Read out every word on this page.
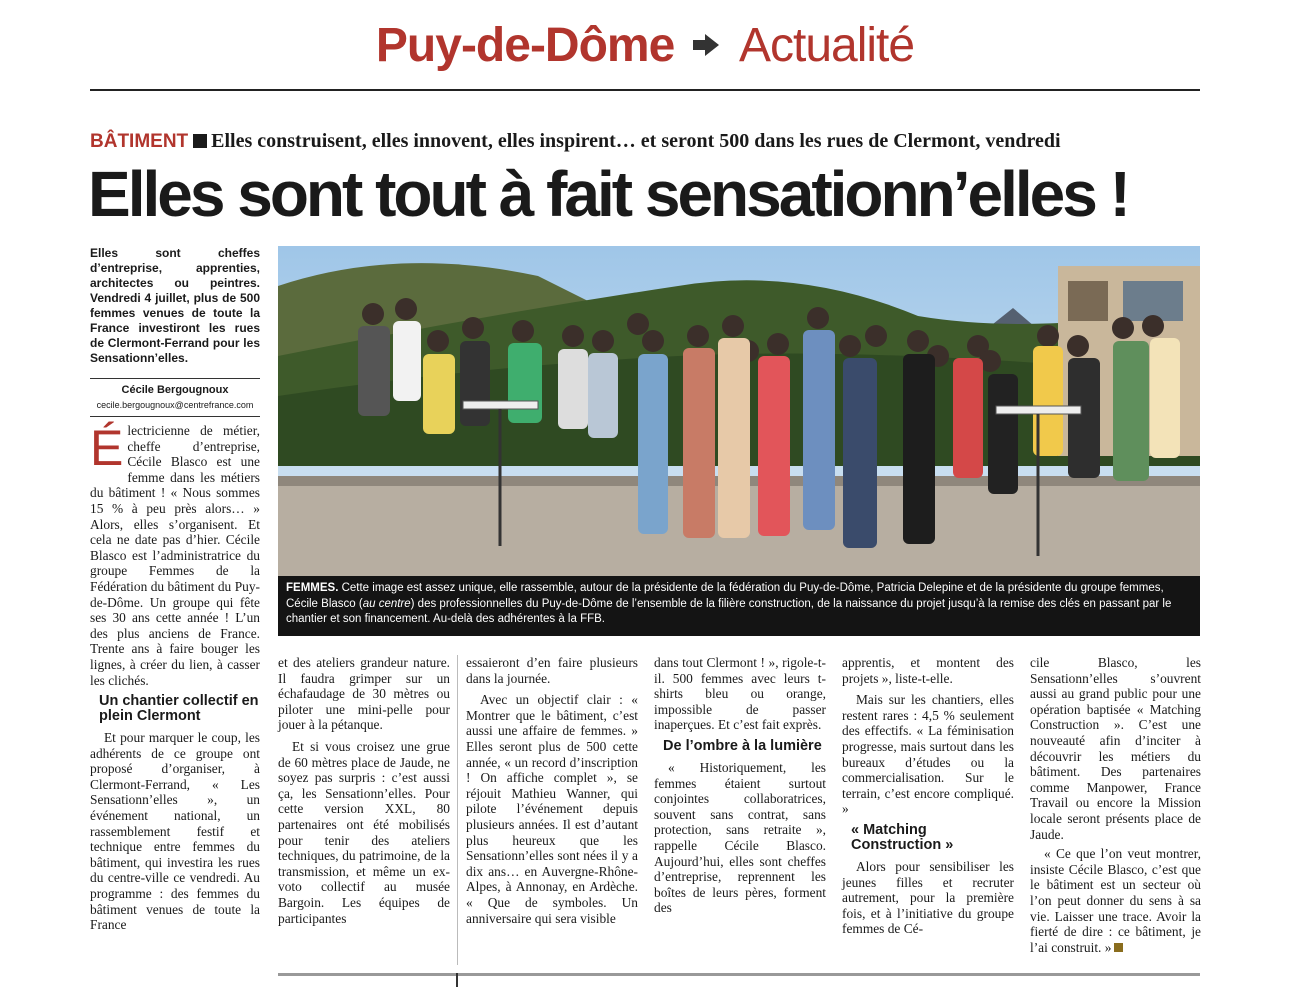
Puy-de-Dôme Actualité
BÂTIMENT Elles construisent, elles innovent, elles inspirent… et seront 500 dans les rues de Clermont, vendredi
Elles sont tout à fait sensationn’elles !
Elles sont cheffes d’entreprise, apprenties, architectes ou peintres. Vendredi 4 juillet, plus de 500 femmes venues de toute la France investiront les rues de Clermont-Ferrand pour les Sensationn’elles.
Cécile Bergougnoux
cecile.bergougnoux@centrefrance.com

Électricienne de métier, cheffe d’entreprise, Cécile Blasco est une femme dans les métiers du bâtiment ! « Nous sommes 15 % à peu près alors… » Alors, elles s’organisent. Et cela ne date pas d’hier. Cécile Blasco est l’administratrice du groupe Femmes de la Fédération du bâtiment du Puy-de-Dôme. Un groupe qui fête ses 30 ans cette année ! L’un des plus anciens de France. Trente ans à faire bouger les lignes, à créer du lien, à casser les clichés.

Un chantier collectif en plein Clermont

Et pour marquer le coup, les adhérents de ce groupe ont proposé d’organiser, à Clermont-Ferrand, « Les Sensationn’elles », un événement national, un rassemblement festif et technique entre femmes du bâtiment, qui investira les rues du centre-ville ce vendredi. Au programme : des femmes du bâtiment venues de toute la France

FEMMES. Cette image est assez unique, elle rassemble, autour de la présidente de la fédération du Puy-de-Dôme, Patricia Delepine et de la présidente du groupe femmes, Cécile Blasco (au centre) des professionnelles du Puy-de-Dôme de l’ensemble de la filière construction, de la naissance du projet jusqu’à la remise des clés en passant par le chantier et son financement. Au-delà des adhérentes à la FFB.

et des ateliers grandeur nature. Il faudra grimper sur un échafaudage de 30 mètres ou piloter une mini-pelle pour jouer à la pétanque.

Et si vous croisez une grue de 60 mètres place de Jaude, ne soyez pas surpris : c’est aussi ça, les Sensationn’elles. Pour cette version XXL, 80 partenaires ont été mobilisés pour tenir des ateliers techniques, du patrimoine, de la transmission, et même un ex-voto collectif au musée Bargoin. Les équipes de participantes

essaieront d’en faire plusieurs dans la journée.

Avec un objectif clair : « Montrer que le bâtiment, c’est aussi une affaire de femmes. » Elles seront plus de 500 cette année, « un record d’inscription ! On affiche complet », se réjouit Mathieu Wanner, qui pilote l’événement depuis plusieurs années. Il est d’autant plus heureux que les Sensationn’elles sont nées il y a dix ans… en Auvergne-Rhône-Alpes, à Annonay, en Ardèche. « Que de symboles. Un anniversaire qui sera visible

dans tout Clermont ! », rigole-t-il. 500 femmes avec leurs t-shirts bleu ou orange, impossible de passer inaperçues. Et c’est fait exprès.

De l’ombre à la lumière

« Historiquement, les femmes étaient surtout conjointes collaboratrices, souvent sans contrat, sans protection, sans retraite », rappelle Cécile Blasco. Aujourd’hui, elles sont cheffes d’entreprise, reprennent les boîtes de leurs pères, forment des

apprentis, et montent des projets », liste-t-elle.

Mais sur les chantiers, elles restent rares : 4,5 % seulement des effectifs. « La féminisation progresse, mais surtout dans les bureaux d’études ou la commercialisation. Sur le terrain, c’est encore compliqué. »

« Matching Construction »

Alors pour sensibiliser les jeunes filles et recruter autrement, pour la première fois, et à l’initiative du groupe femmes de Cé-

cile Blasco, les Sensationn’elles s’ouvrent aussi au grand public pour une opération baptisée « Matching Construction ». C’est une nouveauté afin d’inciter à découvrir les métiers du bâtiment. Des partenaires comme Manpower, France Travail ou encore la Mission locale seront présents place de Jaude.

« Ce que l’on veut montrer, insiste Cécile Blasco, c’est que le bâtiment est un secteur où l’on peut donner du sens à sa vie. Laisser une trace. Avoir la fierté de dire : ce bâtiment, je l’ai construit. »
